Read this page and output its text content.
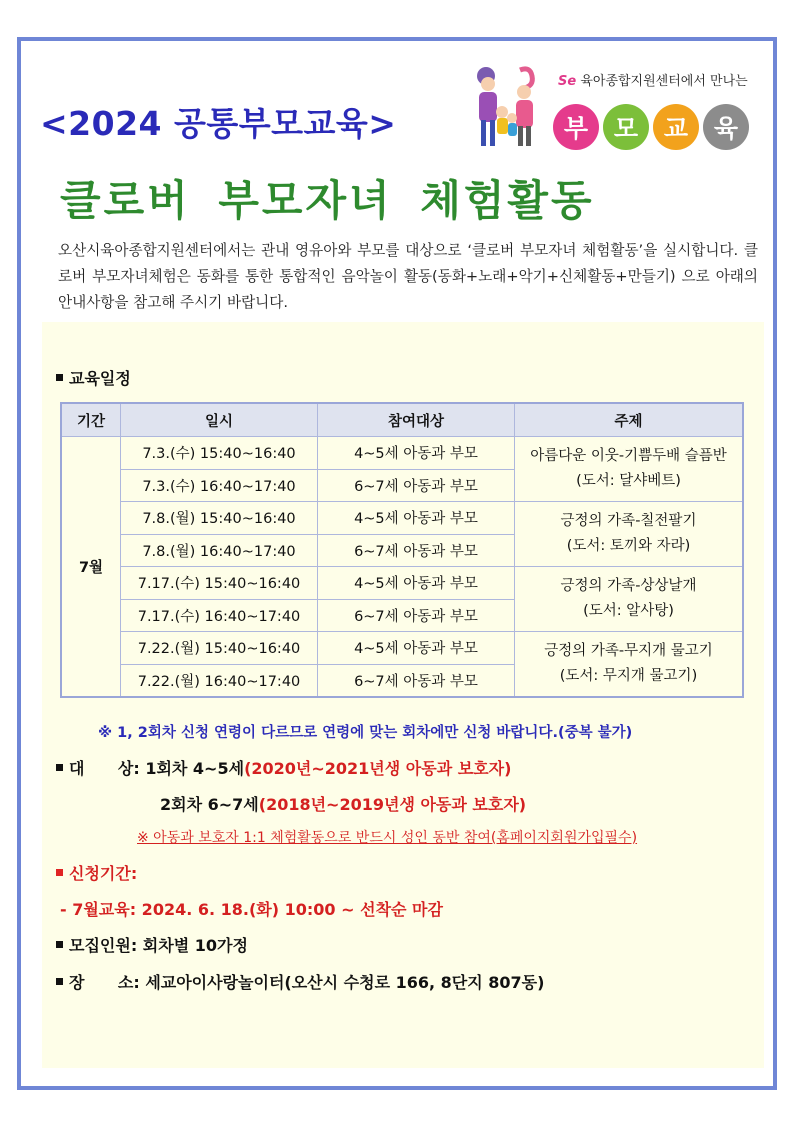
<2024 공통부모교육>
Se 육아종합지원센터에서 만나는
부	모	교	육
클로버 부모자녀 체험활동
오산시육아종합지원센터에서는 관내 영유아와 부모를 대상으로 ‘클로버 부모자녀 체험활동’을 실시합니다. 클로버 부모자녀체험은 동화를 통한 통합적인 음악놀이 활동(동화+노래+악기+신체활동+만들기) 으로 아래의 안내사항을 참고해 주시기 바랍니다.
교육일정
기간	일시	참여대상	주제
7월	7.3.(수) 15:40~16:40	4~5세 아동과 부모	아름다운 이웃-기쁨두배 슬픔반
(도서: 달샤베트)

	7.3.(수) 16:40~17:40	6~7세 아동과 부모	
	7.8.(월) 15:40~16:40	4~5세 아동과 부모	긍정의 가족-칠전팔기
(도서: 토끼와 자라)

	7.8.(월) 16:40~17:40	6~7세 아동과 부모	
	7.17.(수) 15:40~16:40	4~5세 아동과 부모	긍정의 가족-상상날개
(도서: 알사탕)

	7.17.(수) 16:40~17:40	6~7세 아동과 부모	
	7.22.(월) 15:40~16:40	4~5세 아동과 부모	긍정의 가족-무지개 물고기
(도서: 무지개 물고기)

	7.22.(월) 16:40~17:40	6~7세 아동과 부모	
※ 1, 2회차 신청 연령이 다르므로 연령에 맞는 회차에만 신청 바랍니다.(중복 불가)
대      상: 1회차 4~5세(2020년~2021년생 아동과 보호자)
2회차 6~7세(2018년~2019년생 아동과 보호자)
※ 아동과 보호자 1:1 체험활동으로 반드시 성인 동반 참여(홈페이지회원가입필수)
신청기간:
- 7월교육: 2024. 6. 18.(화) 10:00 ~ 선착순 마감
모집인원: 회차별 10가정
장      소: 세교아이사랑놀이터(오산시 수청로 166, 8단지 807동)
